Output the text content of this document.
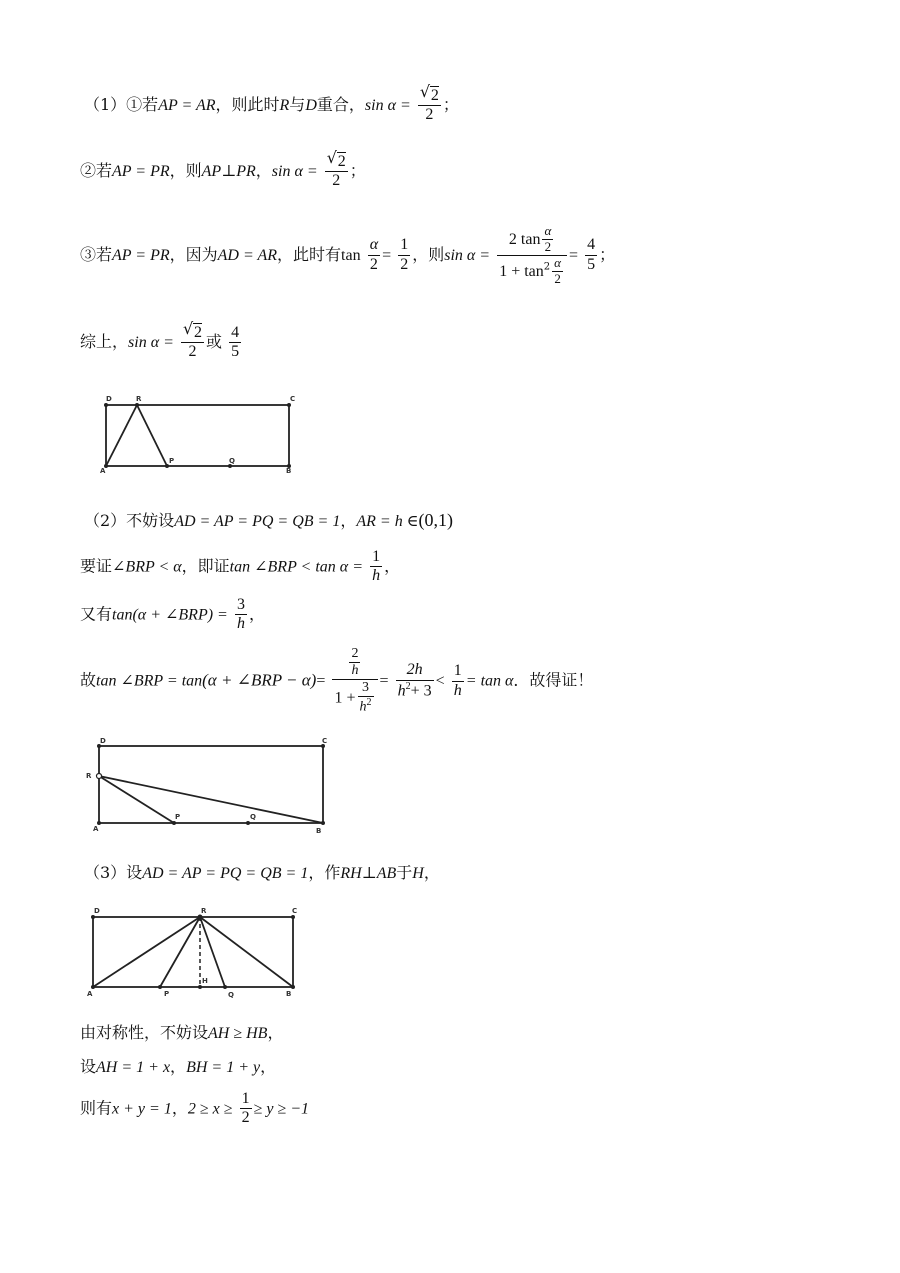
（1）①若AP = AR，则此时R与D重合，sin α = √ $\frac{2}{2}$ ；
②若AP = PR，则AP⊥PR，sin α = √ $\frac{2}{2}$ ；
③若AP = PR，因为AD = AR，此时有$\tan \frac{\alpha}{2} = \frac{1}{2}$ ，则$\sin \alpha = \frac{2 \tan \frac{\alpha}{2}}{1 + \tan^2 \frac{\alpha}{2}} = \frac{4}{5}$ ；
综上，sin α = √ $\frac{2}{2}$ 或 $\frac{4}{5}$
D	R	C
A
P	Q
B
（2）不妨设AD = AP = PQ = QB = 1，AR = h ∈(0,1)
要证∠BRP < α，即证tan ∠BRP < $\tan \alpha = \frac{1}{h}$ ，
又有tan(α + ∠BRP) = $\frac{3}{h}$ ，
故tan ∠BRP = tan(α + ∠BRP − $\alpha)= \frac{\frac{2}{h}}{1 + \frac{3}{h^2}} = \frac{2h}{h^2+ 3} < \frac{1}{h} = \tan \alpha$．故得证！
D	C
R
A
P	Q
B
（3）设AD = AP = PQ = QB = 1，作RH⊥AB于H，
D	R	C
A	P
H
Q	B
由对称性，不妨设AH ≥ HB，
设AH = 1 + x，BH = 1 + y，
则有x + y = 1，$2 \ge x \ge \frac{1}{2} \ge y \ge -1$
